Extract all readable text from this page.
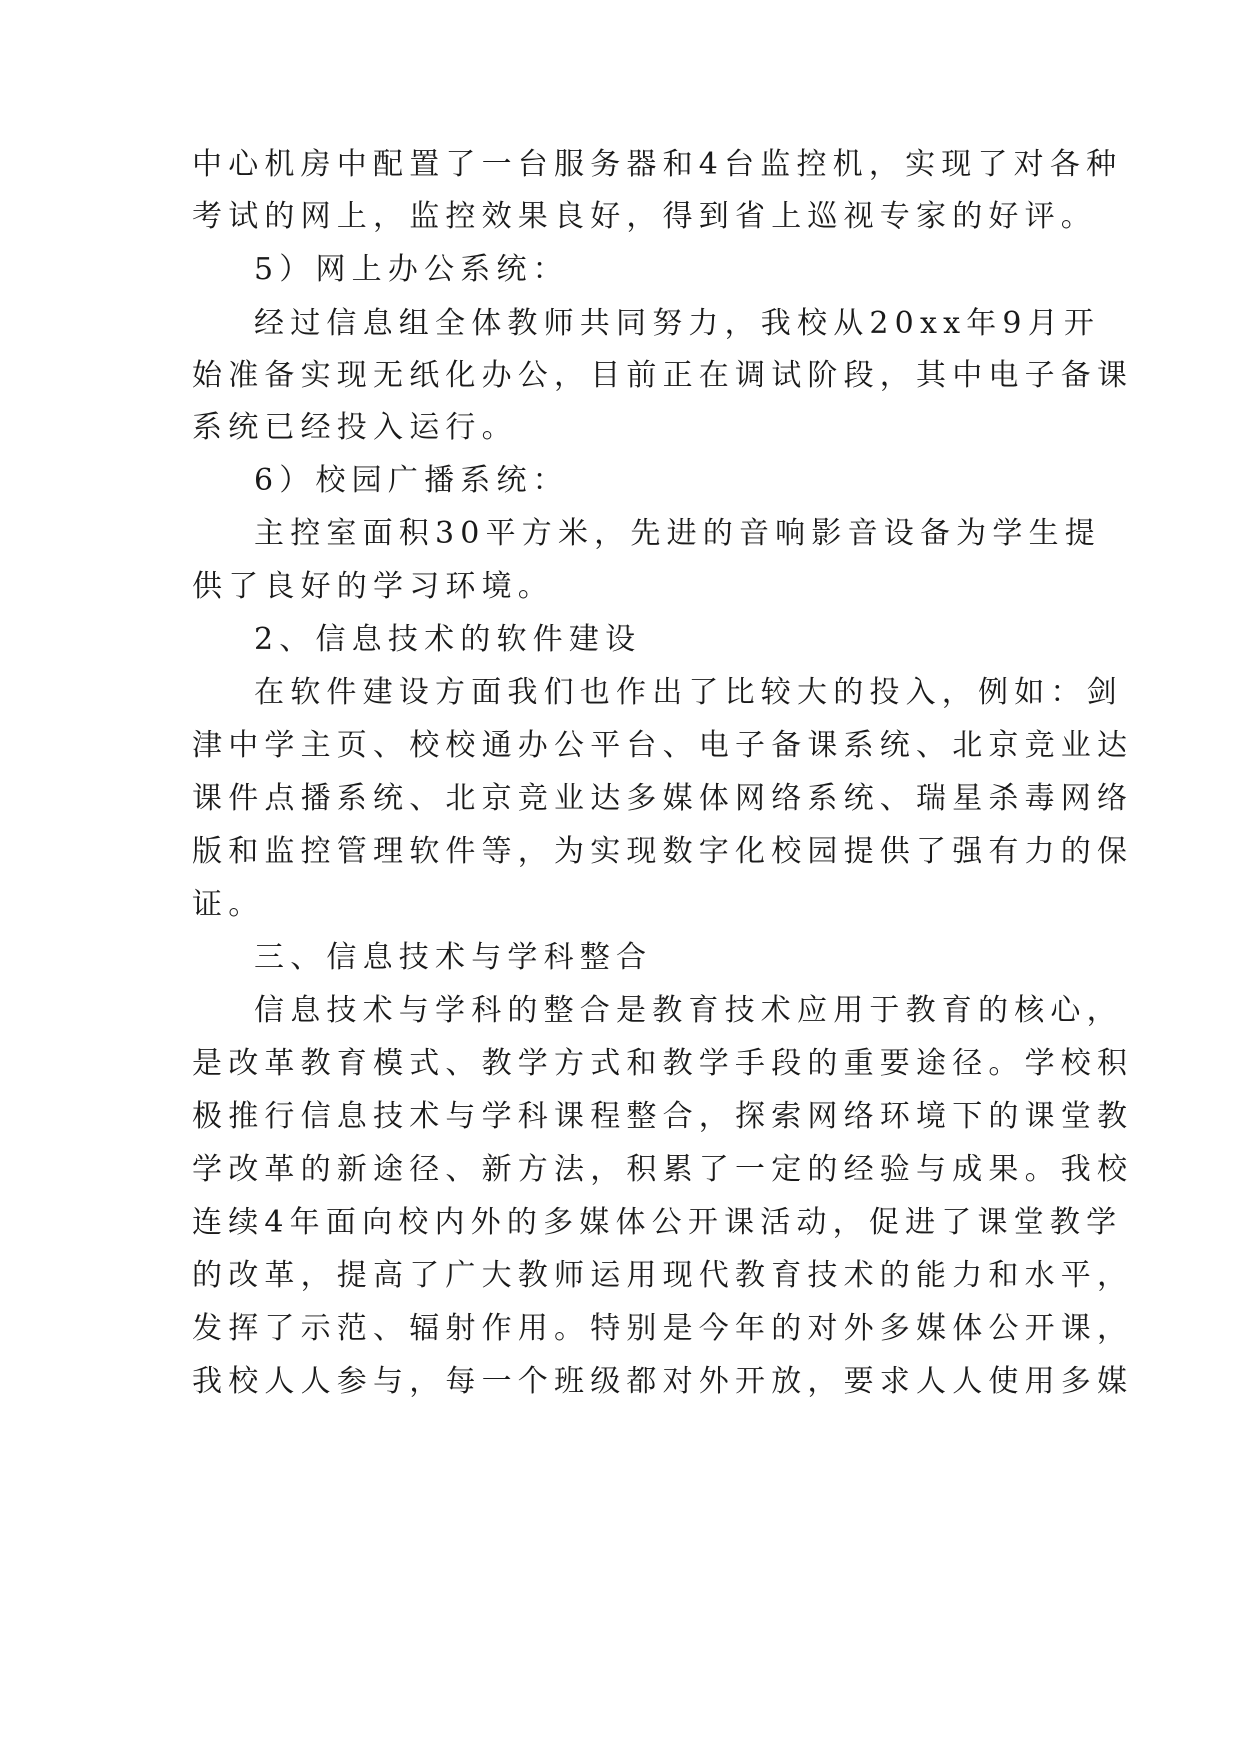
中心机房中配置了一台服务器和4台监控机，实现了对各种

考试的网上，监控效果良好，得到省上巡视专家的好评。

5）网上办公系统：

经过信息组全体教师共同努力，我校从20xx年9月开

始准备实现无纸化办公，目前正在调试阶段，其中电子备课

系统已经投入运行。

6）校园广播系统：

主控室面积30平方米，先进的音响影音设备为学生提

供了良好的学习环境。

2、信息技术的软件建设

在软件建设方面我们也作出了比较大的投入，例如：剑

津中学主页、校校通办公平台、电子备课系统、北京竞业达

课件点播系统、北京竞业达多媒体网络系统、瑞星杀毒网络

版和监控管理软件等，为实现数字化校园提供了强有力的保

证。

三、信息技术与学科整合

信息技术与学科的整合是教育技术应用于教育的核心，

是改革教育模式、教学方式和教学手段的重要途径。学校积

极推行信息技术与学科课程整合，探索网络环境下的课堂教

学改革的新途径、新方法，积累了一定的经验与成果。我校

连续4年面向校内外的多媒体公开课活动，促进了课堂教学

的改革，提高了广大教师运用现代教育技术的能力和水平，

发挥了示范、辐射作用。特别是今年的对外多媒体公开课，

我校人人参与，每一个班级都对外开放，要求人人使用多媒
